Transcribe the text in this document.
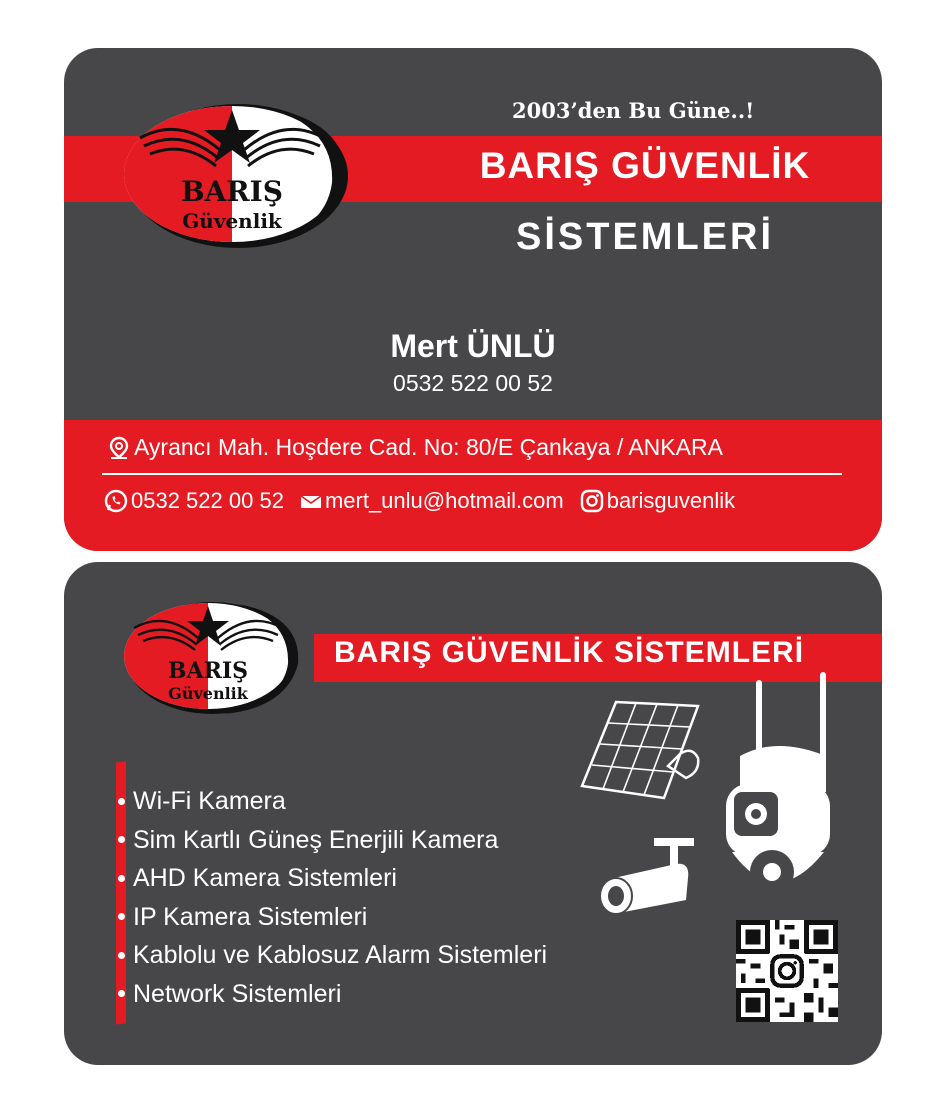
BARIŞ
Güvenlik
2003’den Bu Güne..!
BARIŞ GÜVENLİK
SİSTEMLERİ
Mert ÜNLÜ
0532 522 00 52
Ayrancı Mah. Hoşdere Cad. No: 80/E Çankaya / ANKARA
0532 522 00 52 mert_unlu@hotmail.com barisguvenlik
BARIŞ
Güvenlik
BARIŞ GÜVENLİK SİSTEMLERİ
Wi-Fi Kamera
Sim Kartlı Güneş Enerjili Kamera
AHD Kamera Sistemleri
IP Kamera Sistemleri
Kablolu ve Kablosuz Alarm Sistemleri
Network Sistemleri
